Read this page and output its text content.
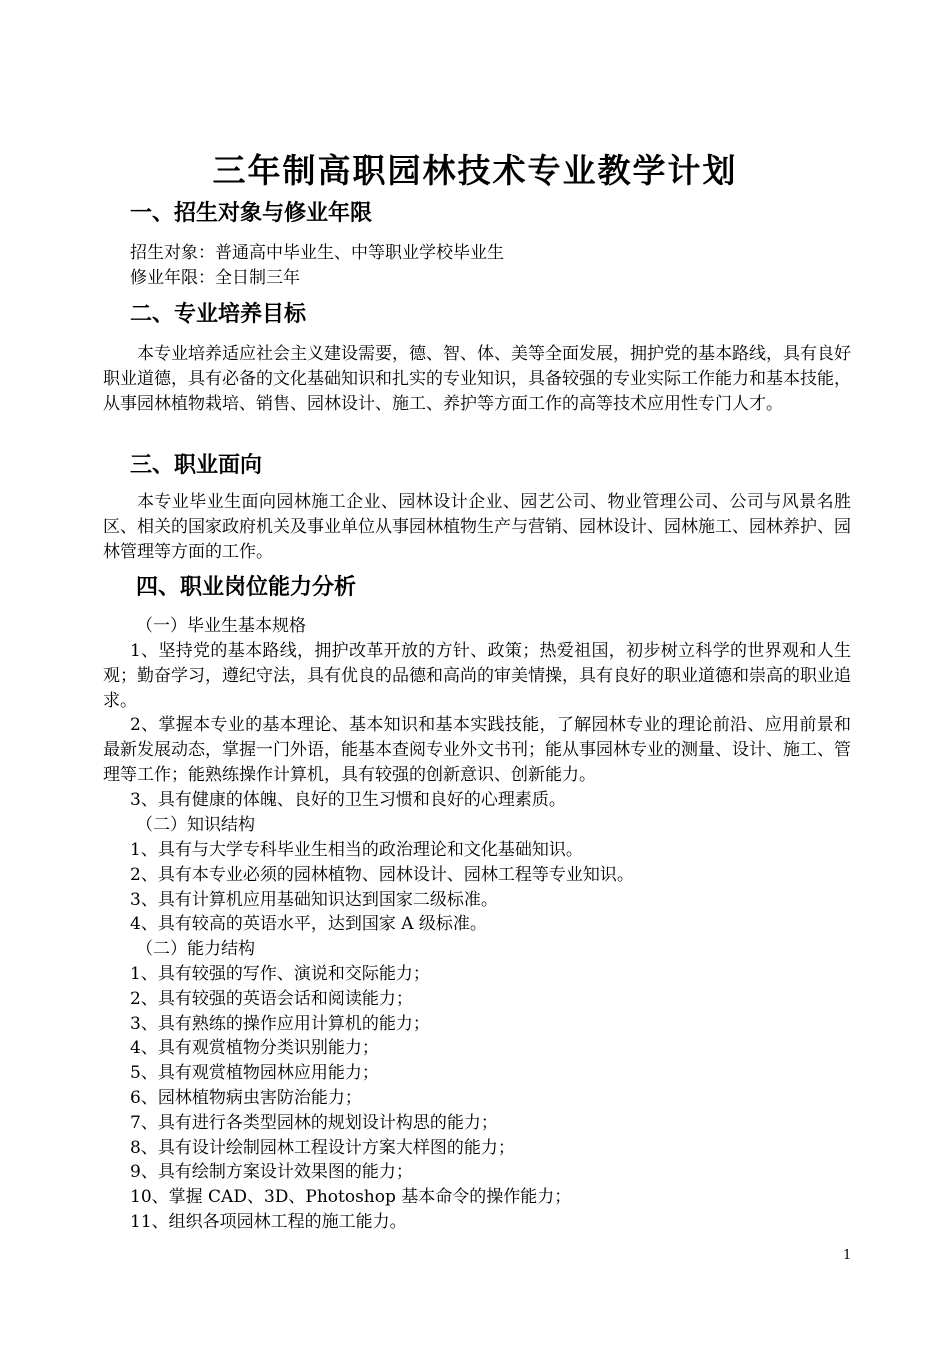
三年制高职园林技术专业教学计划
一、招生对象与修业年限
招生对象：普通高中毕业生、中等职业学校毕业生
修业年限：全日制三年
二、专业培养目标
本专业培养适应社会主义建设需要，德、智、体、美等全面发展，拥护党的基本路线，具有良好职业道德，具有必备的文化基础知识和扎实的专业知识，具备较强的专业实际工作能力和基本技能，从事园林植物栽培、销售、园林设计、施工、养护等方面工作的高等技术应用性专门人才。
三、职业面向
本专业毕业生面向园林施工企业、园林设计企业、园艺公司、物业管理公司、公司与风景名胜区、相关的国家政府机关及事业单位从事园林植物生产与营销、园林设计、园林施工、园林养护、园林管理等方面的工作。
四、职业岗位能力分析
（一）毕业生基本规格
1、坚持党的基本路线，拥护改革开放的方针、政策；热爱祖国，初步树立科学的世界观和人生观；勤奋学习，遵纪守法，具有优良的品德和高尚的审美情操，具有良好的职业道德和崇高的职业追求。
2、掌握本专业的基本理论、基本知识和基本实践技能，了解园林专业的理论前沿、应用前景和最新发展动态，掌握一门外语，能基本查阅专业外文书刊；能从事园林专业的测量、设计、施工、管理等工作；能熟练操作计算机，具有较强的创新意识、创新能力。
3、具有健康的体魄、良好的卫生习惯和良好的心理素质。
（二）知识结构
1、具有与大学专科毕业生相当的政治理论和文化基础知识。
2、具有本专业必须的园林植物、园林设计、园林工程等专业知识。
3、具有计算机应用基础知识达到国家二级标准。
4、具有较高的英语水平，达到国家 A 级标准。
（二）能力结构
1、具有较强的写作、演说和交际能力；
2、具有较强的英语会话和阅读能力；
3、具有熟练的操作应用计算机的能力；
4、具有观赏植物分类识别能力；
5、具有观赏植物园林应用能力；
6、园林植物病虫害防治能力；
7、具有进行各类型园林的规划设计构思的能力；
8、具有设计绘制园林工程设计方案大样图的能力；
9、具有绘制方案设计效果图的能力；
10、掌握 CAD、3D、Photoshop 基本命令的操作能力；
11、组织各项园林工程的施工能力。
1
